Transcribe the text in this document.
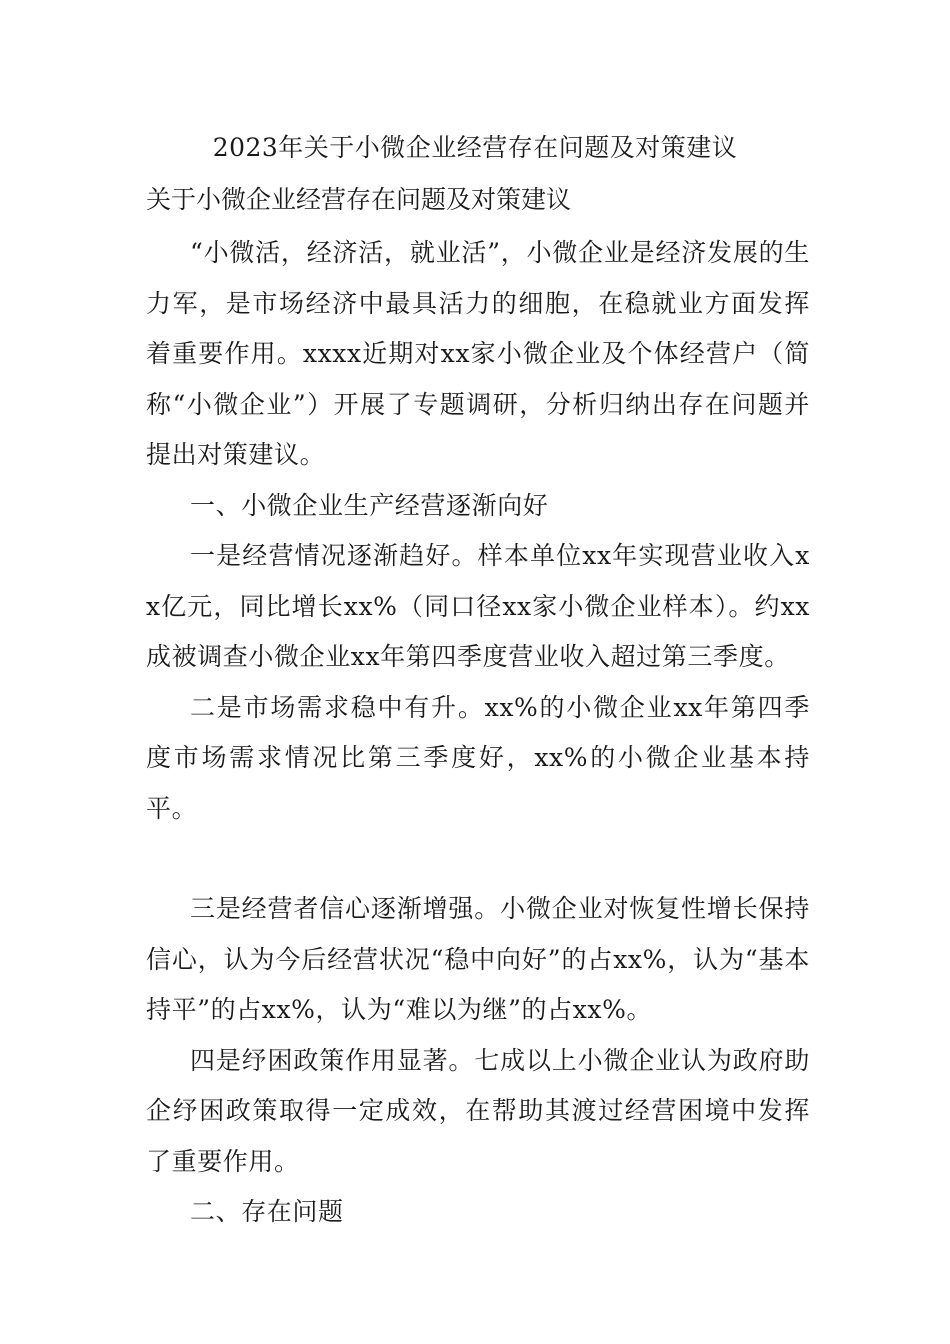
2023年关于小微企业经营存在问题及对策建议
关于小微企业经营存在问题及对策建议

“小微活，经济活，就业活”，小微企业是经济发展的生力军，是市场经济中最具活力的细胞，在稳就业方面发挥着重要作用。xxxx近期对xx家小微企业及个体经营户（简称“小微企业”）开展了专题调研，分析归纳出存在问题并提出对策建议。

一、小微企业生产经营逐渐向好

一是经营情况逐渐趋好。样本单位xx年实现营业收入xx亿元，同比增长xx%（同口径xx家小微企业样本）。约xx成被调查小微企业xx年第四季度营业收入超过第三季度。

二是市场需求稳中有升。xx%的小微企业xx年第四季度市场需求情况比第三季度好，xx%的小微企业基本持平。

三是经营者信心逐渐增强。小微企业对恢复性增长保持信心，认为今后经营状况“稳中向好”的占xx%，认为“基本持平”的占xx%，认为“难以为继”的占xx%。

四是纾困政策作用显著。七成以上小微企业认为政府助企纾困政策取得一定成效，在帮助其渡过经营困境中发挥了重要作用。

二、存在问题
